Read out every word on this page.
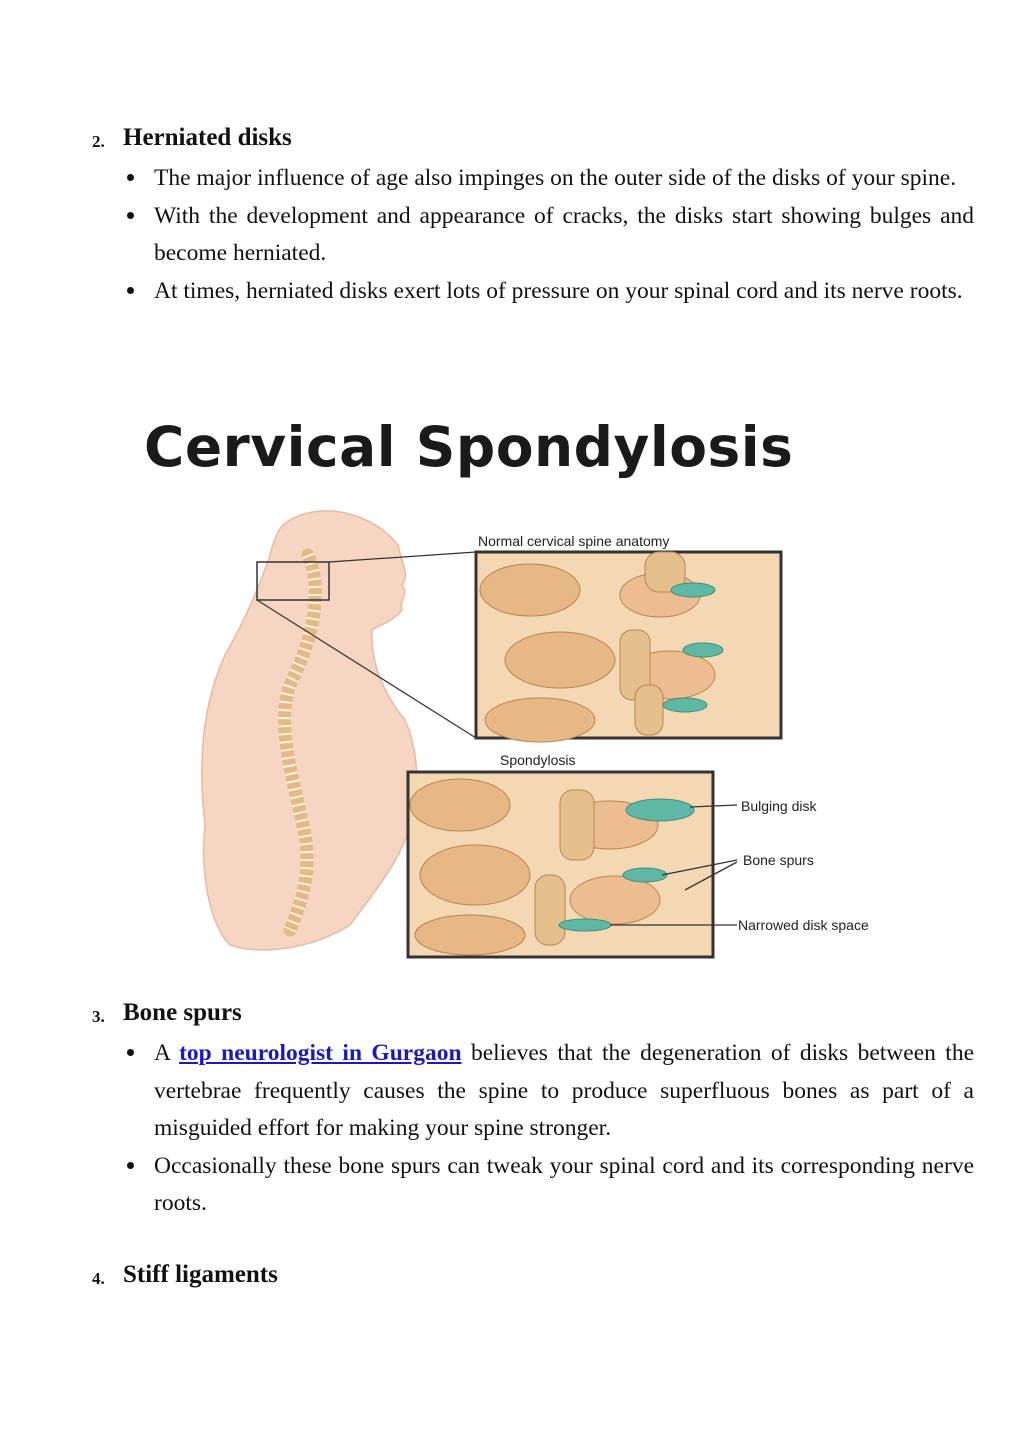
2. Herniated disks
The major influence of age also impinges on the outer side of the disks of your spine.
With the development and appearance of cracks, the disks start showing bulges and become herniated.
At times, herniated disks exert lots of pressure on your spinal cord and its nerve roots.
Cervical Spondylosis
Normal cervical spine anatomy
Spondylosis
Bulging disk
Bone spurs
Narrowed disk space
3. Bone spurs
A top neurologist in Gurgaon believes that the degeneration of disks between the vertebrae frequently causes the spine to produce superfluous bones as part of a misguided effort for making your spine stronger.
Occasionally these bone spurs can tweak your spinal cord and its corresponding nerve roots.
4. Stiff ligaments
